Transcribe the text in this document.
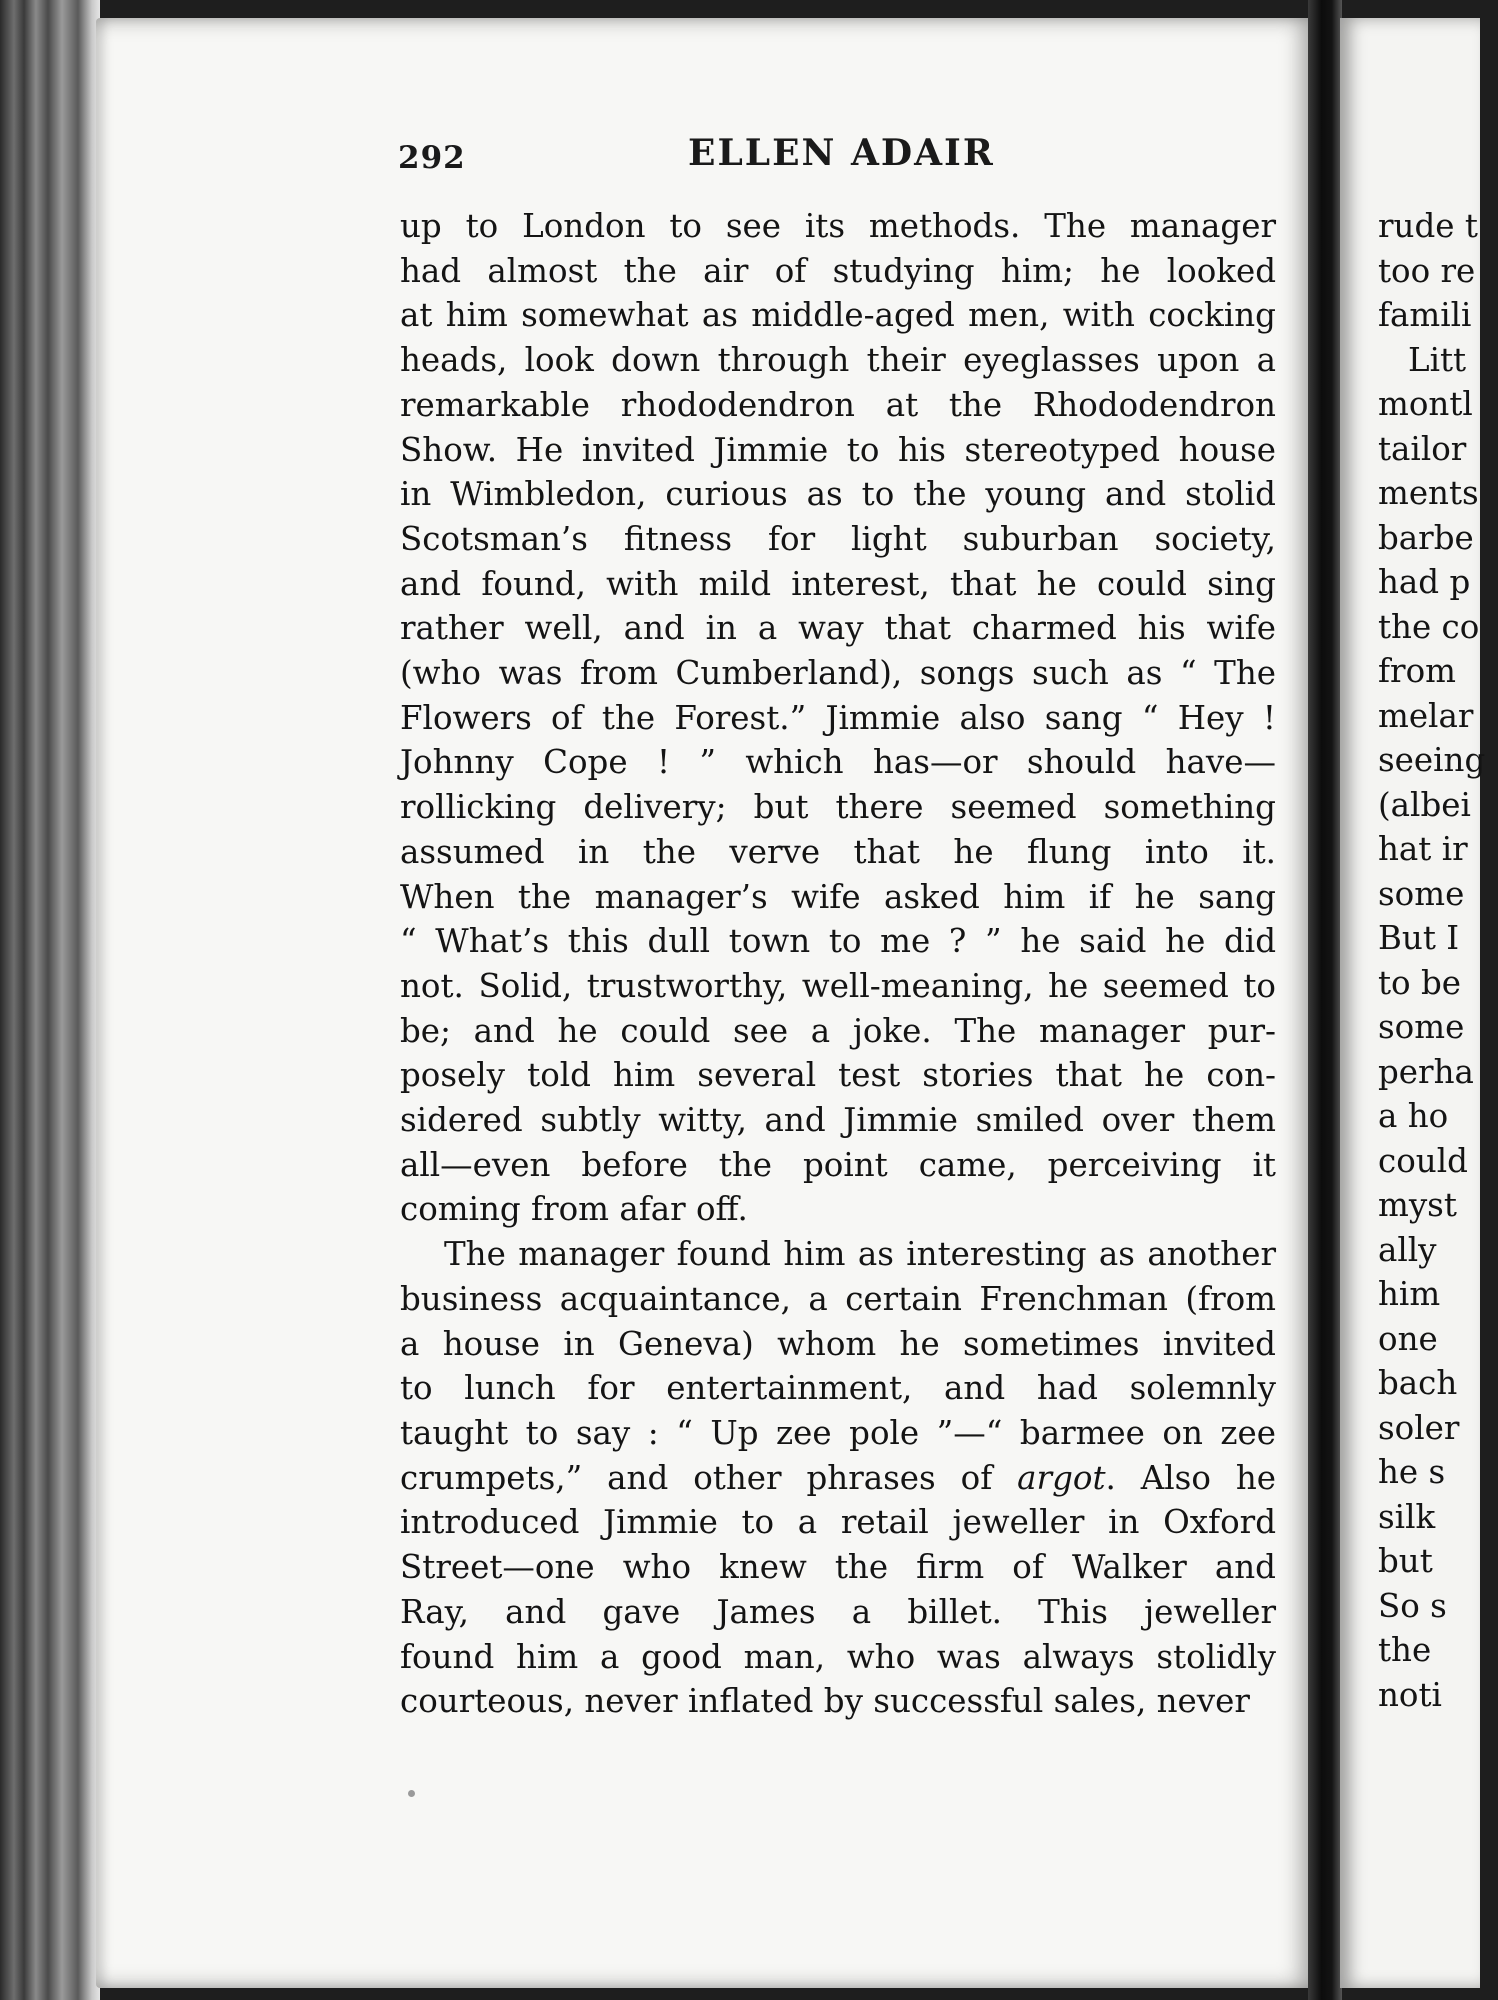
292	ELLEN ADAIR
up to London to see its methods. The manager
had almost the air of studying him; he looked
at him somewhat as middle-aged men, with cocking
heads, look down through their eyeglasses upon a
remarkable rhododendron at the Rhododendron
Show. He invited Jimmie to his stereotyped house
in Wimbledon, curious as to the young and stolid
Scotsman’s fitness for light suburban society,
and found, with mild interest, that he could sing
rather well, and in a way that charmed his wife
(who was from Cumberland), songs such as “ The
Flowers of the Forest.” Jimmie also sang “ Hey !
Johnny Cope ! ” which has—or should have—
rollicking delivery; but there seemed something
assumed in the verve that he flung into it.
When the manager’s wife asked him if he sang
“ What’s this dull town to me ? ” he said he did
not. Solid, trustworthy, well-meaning, he seemed to
be; and he could see a joke. The manager pur-
posely told him several test stories that he con-
sidered subtly witty, and Jimmie smiled over them
all—even before the point came, perceiving it
coming from afar off.
The manager found him as interesting as another
business acquaintance, a certain Frenchman (from
a house in Geneva) whom he sometimes invited
to lunch for entertainment, and had solemnly
taught to say : “ Up zee pole ”—“ barmee on zee
crumpets,” and other phrases of argot. Also he
introduced Jimmie to a retail jeweller in Oxford
Street—one who knew the firm of Walker and
Ray, and gave James a billet. This jeweller
found him a good man, who was always stolidly
courteous, never inflated by successful sales, never
rude t
too re
famili
Litt
montl
tailor
ments
barbe
had p
the co
from
melar
seeing
(albei
hat ir
some
But I
to be
some
perha
a ho
could
myst
ally
him
one
bach
soler
he s
silk
but
So s
the
noti
